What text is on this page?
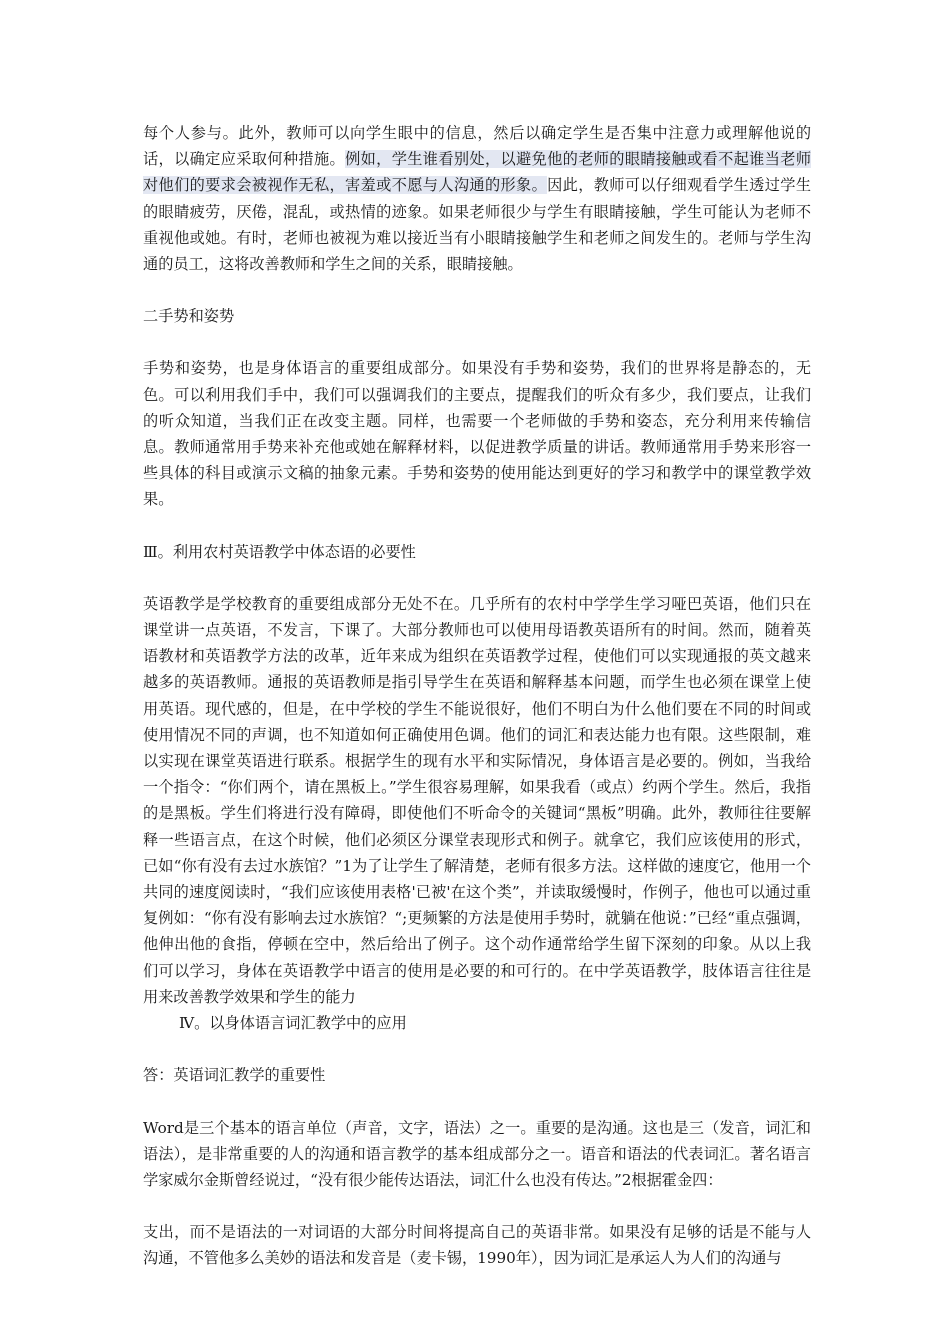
每个人参与。此外，教师可以向学生眼中的信息，然后以确定学生是否集中注意力或理解他说的话，以确定应采取何种措施。例如，学生谁看别处，以避免他的老师的眼睛接触或看不起谁当老师对他们的要求会被视作无私，害羞或不愿与人沟通的形象。因此，教师可以仔细观看学生透过学生的眼睛疲劳，厌倦，混乱，或热情的迹象。如果老师很少与学生有眼睛接触，学生可能认为老师不重视他或她。有时，老师也被视为难以接近当有小眼睛接触学生和老师之间发生的。老师与学生沟通的员工，这将改善教师和学生之间的关系，眼睛接触。

二手势和姿势

手势和姿势，也是身体语言的重要组成部分。如果没有手势和姿势，我们的世界将是静态的，无色。可以利用我们手中，我们可以强调我们的主要点，提醒我们的听众有多少，我们要点，让我们的听众知道，当我们正在改变主题。同样，也需要一个老师做的手势和姿态，充分利用来传输信息。教师通常用手势来补充他或她在解释材料，以促进教学质量的讲话。教师通常用手势来形容一些具体的科目或演示文稿的抽象元素。手势和姿势的使用能达到更好的学习和教学中的课堂教学效果。

Ⅲ。利用农村英语教学中体态语的必要性

英语教学是学校教育的重要组成部分无处不在。几乎所有的农村中学学生学习哑巴英语，他们只在课堂讲一点英语，不发言，下课了。大部分教师也可以使用母语教英语所有的时间。然而，随着英语教材和英语教学方法的改革，近年来成为组织在英语教学过程，使他们可以实现通报的英文越来越多的英语教师。通报的英语教师是指引导学生在英语和解释基本问题，而学生也必须在课堂上使用英语。现代感的，但是，在中学校的学生不能说很好，他们不明白为什么他们要在不同的时间或使用情况不同的声调，也不知道如何正确使用色调。他们的词汇和表达能力也有限。这些限制，难以实现在课堂英语进行联系。根据学生的现有水平和实际情况，身体语言是必要的。例如，当我给一个指令：“你们两个，请在黑板上。”学生很容易理解，如果我看（或点）约两个学生。然后，我指的是黑板。学生们将进行没有障碍，即使他们不听命令的关键词“黑板”明确。此外，教师往往要解释一些语言点，在这个时候，他们必须区分课堂表现形式和例子。就拿它，我们应该使用的形式，已如“你有没有去过水族馆？”1为了让学生了解清楚，老师有很多方法。这样做的速度它，他用一个共同的速度阅读时，“我们应该使用表格'已被'在这个类”，并读取缓慢时，作例子，他也可以通过重复例如：“你有没有影响去过水族馆？“;更频繁的方法是使用手势时，就躺在他说：”已经“重点强调，他伸出他的食指，停顿在空中，然后给出了例子。这个动作通常给学生留下深刻的印象。从以上我们可以学习，身体在英语教学中语言的使用是必要的和可行的。在中学英语教学，肢体语言往往是用来改善教学效果和学生的能力

Ⅳ。以身体语言词汇教学中的应用

答：英语词汇教学的重要性

Word是三个基本的语言单位（声音，文字，语法）之一。重要的是沟通。这也是三（发音，词汇和语法），是非常重要的人的沟通和语言教学的基本组成部分之一。语音和语法的代表词汇。著名语言学家威尔金斯曾经说过，“没有很少能传达语法，词汇什么也没有传达。”2根据霍金四：

支出，而不是语法的一对词语的大部分时间将提高自己的英语非常。如果没有足够的话是不能与人沟通，不管他多么美妙的语法和发音是（麦卡锡，1990年），因为词汇是承运人为人们的沟通与
